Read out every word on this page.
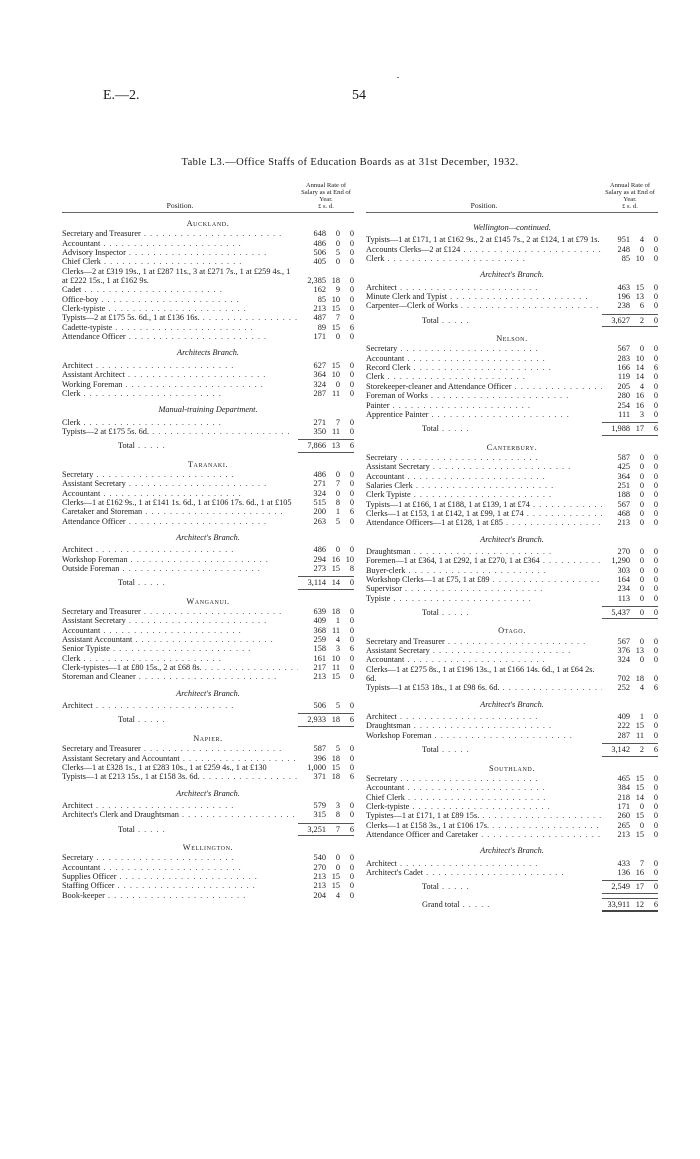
E.—2.	54
Table L3.—Office Staffs of Education Boards as at 31st December, 1932.
Position.
Annual Rate of Salary as at End of Year.
£ s. d.
Auckland.
Secretary and Treasurer . .	648	0	0
Accountant . .	486	0	0
Advisory Inspector . .	506	5	0
Chief Clerk . .	405	0	0
Clerks—2 at £319 19s., 1 at £287 11s., 3 at £271 7s., 1 at £259 4s., 1 at £222 15s., 1 at £162 9s.	2,385 18	0
Cadet . .	162	9	0
Office-boy . .	85 10	0
Clerk-typiste . .	213 15	0
Typists—2 at £175 5s. 6d., 1 at £136 16s. . .	487	7	0
Cadette-typiste . .	89 15	6
Attendance Officer . .	171	0	0
Architects Branch.
Architect . .	627 15	0
Assistant Architect . .	364 10	0
Working Foreman . .	324	0	0
Clerk . .	287 11	0
Manual-training Department.
Clerk . .	271	7	0
Typists—2 at £175 5s. 6d. . .	350 11	0
Total . .	7,866 13	6
Taranaki.
Secretary . .	486	0	0
Assistant Secretary . .	271	7	0
Accountant . .	324	0	0
Clerks—1 at £162 9s., 1 at £141 1s. 6d., 1 at £106 17s. 6d., 1 at £105	515	8	0
Caretaker and Storeman . .	200	1	6
Attendance Officer . .	263	5	0
Architect's Branch.
Architect . .	486	0	0
Workshop Foreman . .	294 16 10
Outside Foreman . .	273 15	8
Total . .	3,114 14	0
Wanganui.
Secretary and Treasurer . .	639 18	0
Assistant Secretary . .	409	1	0
Accountant . .	368 11	0
Assistant Accountant . .	259	4	0
Senior Typiste . .	158	3	6
Clerk . .	161 10	0
Clerk-typistes—1 at £80 15s., 2 at £68 8s. . .	217 11	0
Storeman and Cleaner . .	213 15	0
Architect's Branch.
Architect . .	506	5	0
Total . .	2,933 18	6
Napier.
Secretary and Treasurer . .	587	5	0
Assistant Secretary and Accountant . .	396 18	0
Clerks—1 at £328 1s., 1 at £283 10s., 1 at £259 4s., 1 at £130	1,000 15	0
Typists—1 at £213 15s., 1 at £158 3s. 6d. . .	371 18	6
Architect's Branch.
Architect . .	579	3	0
Architect's Clerk and Draughtsman . .	315	8	0
Total . .	3,251	7	6
Wellington.
Secretary . .	540	0	0
Accountant . .	270	0	0
Supplies Officer . .	213 15	0
Staffing Officer . .	213 15	0
Book-keeper . .	204	4	0
Position.
Annual Rate of Salary as at End of Year.
£ s. d.
Wellington—continued.
Typists—1 at £171, 1 at £162 9s., 2 at £145 7s., 2 at £124, 1 at £79 1s.	951	4	0
Accounts Clerks—2 at £124 . .	248	0	0
Clerk . .	85 10	0
Architect's Branch.
Architect . .	463 15	0
Minute Clerk and Typist . .	196 13	0
Carpenter—Clerk of Works . .	238	6	0
Total . .	3,627	2	0
Nelson.
Secretary . .	567	0	0
Accountant . .	283 10	0
Record Clerk . .	166 14	6
Clerk . .	119 14	0
Storekeeper-cleaner and Attendance Officer . .	205	4	0
Foreman of Works . .	280 16	0
Painter . .	254 16	0
Apprentice Painter . .	111	3	0
Total . .	1,988 17	6
Canterbury.
Secretary . .	587	0	0
Assistant Secretary . .	425	0	0
Accountant . .	364	0	0
Salaries Clerk . .	251	0	0
Clerk Typiste . .	188	0	0
Typists—1 at £166, 1 at £188, 1 at £139, 1 at £74 . .	567	0	0
Clerks—1 at £153, 1 at £142, 1 at £99, 1 at £74 . .	468	0	0
Attendance Officers—1 at £128, 1 at £85 . .	213	0	0
Architect's Branch.
Draughtsman . .	270	0	0
Foremen—1 at £364, 1 at £292, 1 at £270, 1 at £364 . .	1,290	0	0
Buyer-clerk . .	303	0	0
Workshop Clerks—1 at £75, 1 at £89 . .	164	0	0
Supervisor . .	234	0	0
Typiste . .	113	0	0
Total . .	5,437	0	0
Otago.
Secretary and Treasurer . .	567	0	0
Assistant Secretary . .	376 13	0
Accountant . .	324	0	0
Clerks—1 at £275 8s., 1 at £196 13s., 1 at £166 14s. 6d., 1 at £64 2s. 6d.	702 18	0
Typists—1 at £153 18s., 1 at £98 6s. 6d. . .	252	4	6
Architect's Branch.
Architect . .	409	1	0
Draughtsman . .	222 15	0
Workshop Foreman . .	287 11	0
Total . .	3,142	2	6
Southland.
Secretary . .	465 15	0
Accountant . .	384 15	0
Chief Clerk . .	218 14	0
Clerk-typiste . .	171	0	0
Typistes—1 at £171, 1 at £89 15s. . .	260 15	0
Clerks—1 at £158 3s., 1 at £106 17s. . .	265	0	0
Attendance Officer and Caretaker . .	213 15	0
Architect's Branch.
Architect . .	433	7	0
Architect's Cadet . .	136 16	0
Total . .	2,549 17	0
Grand total . .	33,911 12	6
